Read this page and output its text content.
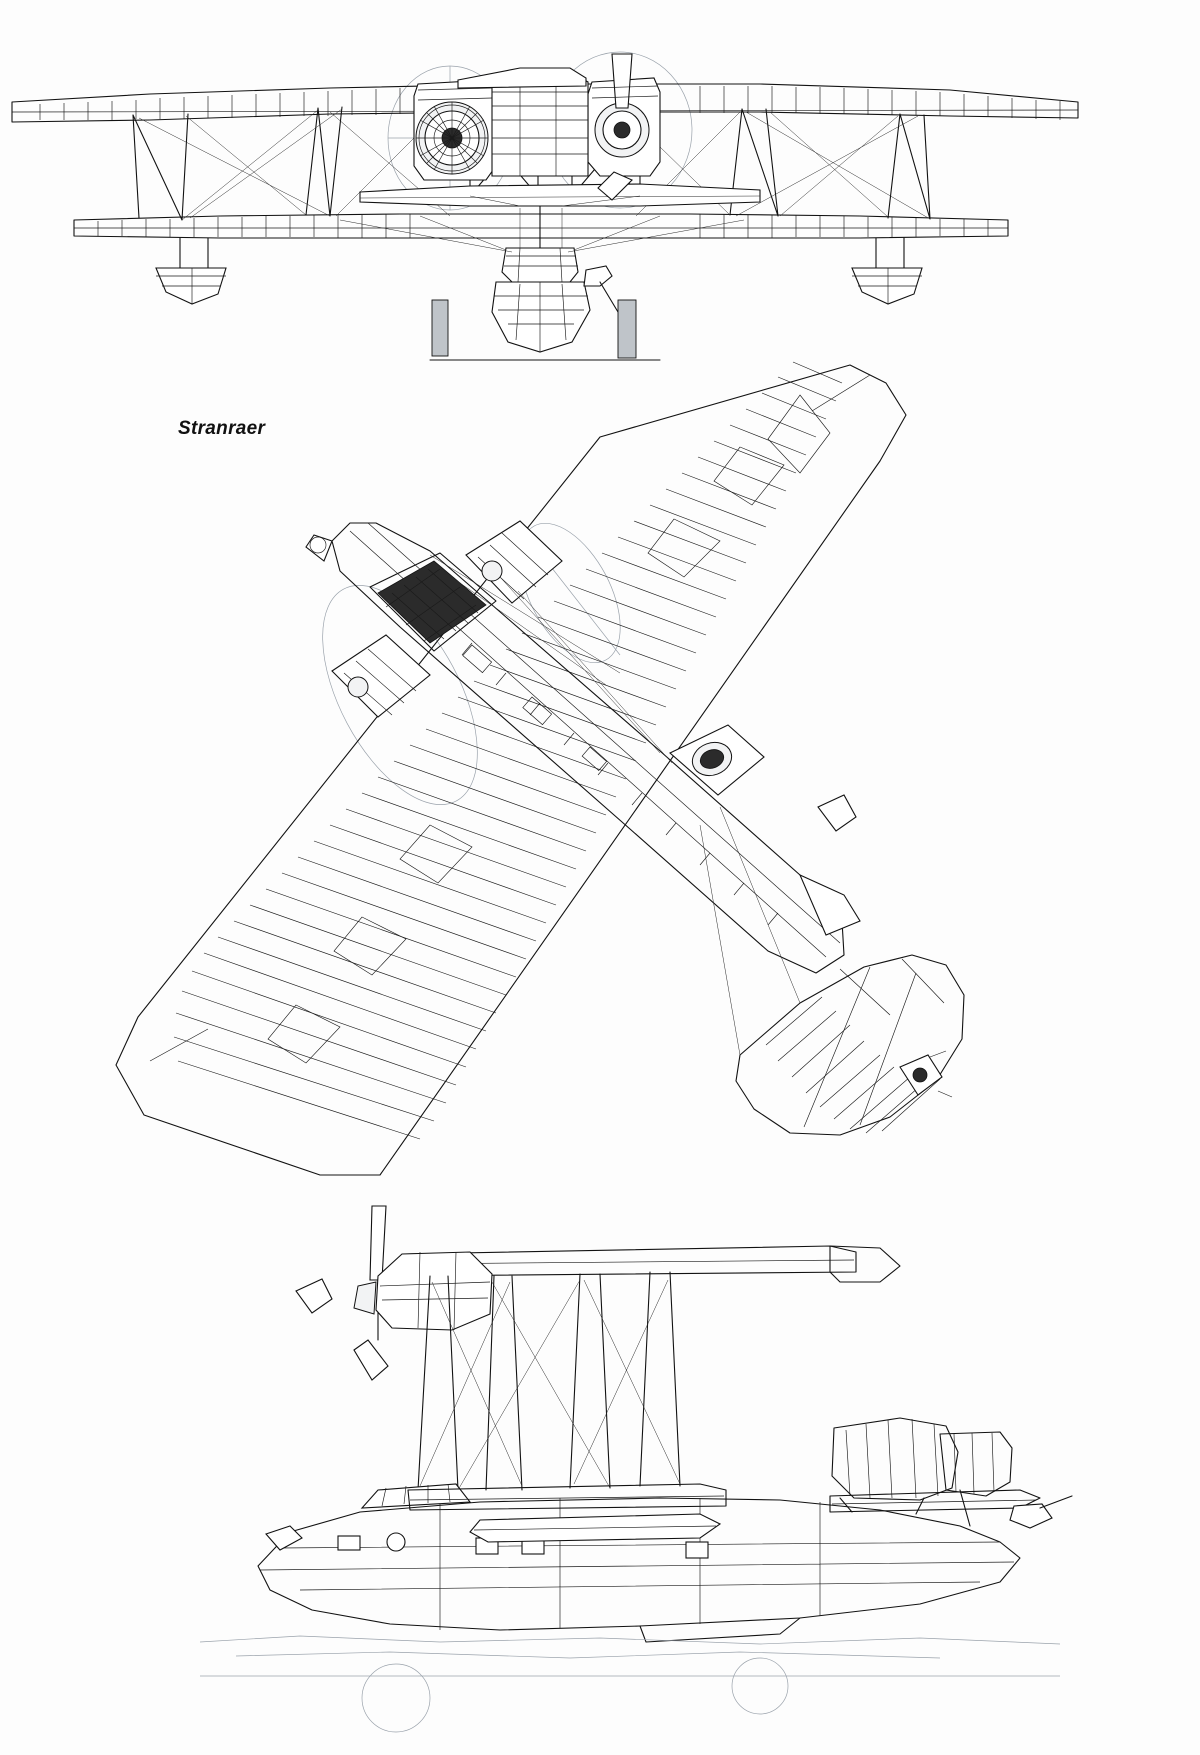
Stranraer
